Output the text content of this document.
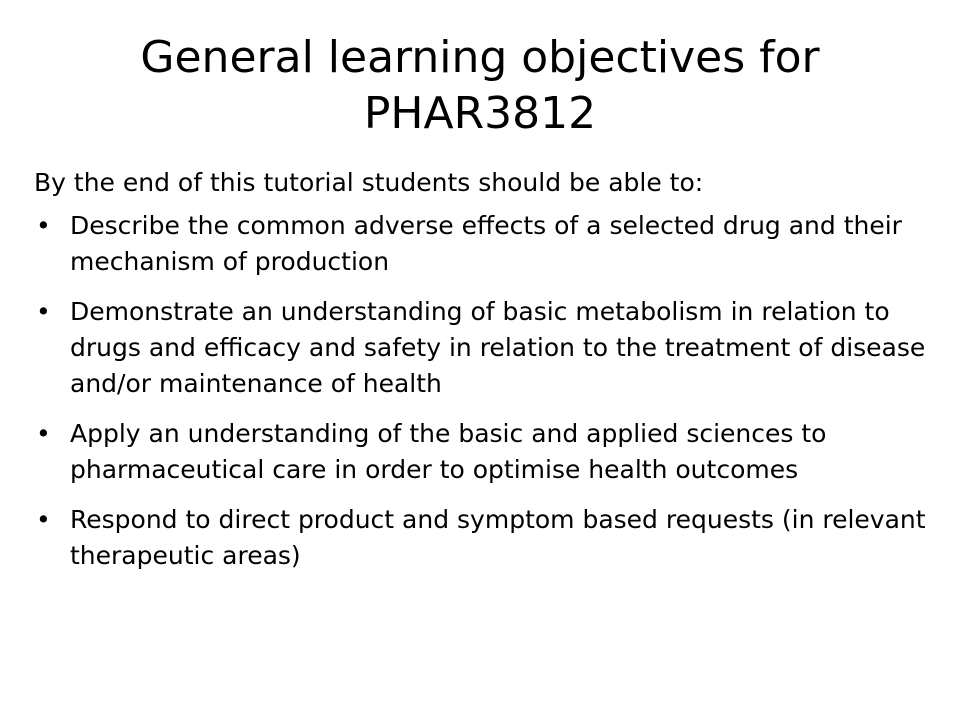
General learning objectives for PHAR3812

By the end of this tutorial students should be able to:

• Describe the common adverse effects of a selected drug and their mechanism of production
• Demonstrate an understanding of basic metabolism in relation to drugs and efficacy and safety in relation to the treatment of disease and/or maintenance of health
• Apply an understanding of the basic and applied sciences to pharmaceutical care in order to optimise health outcomes
• Respond to direct product and symptom based requests (in relevant therapeutic areas)
